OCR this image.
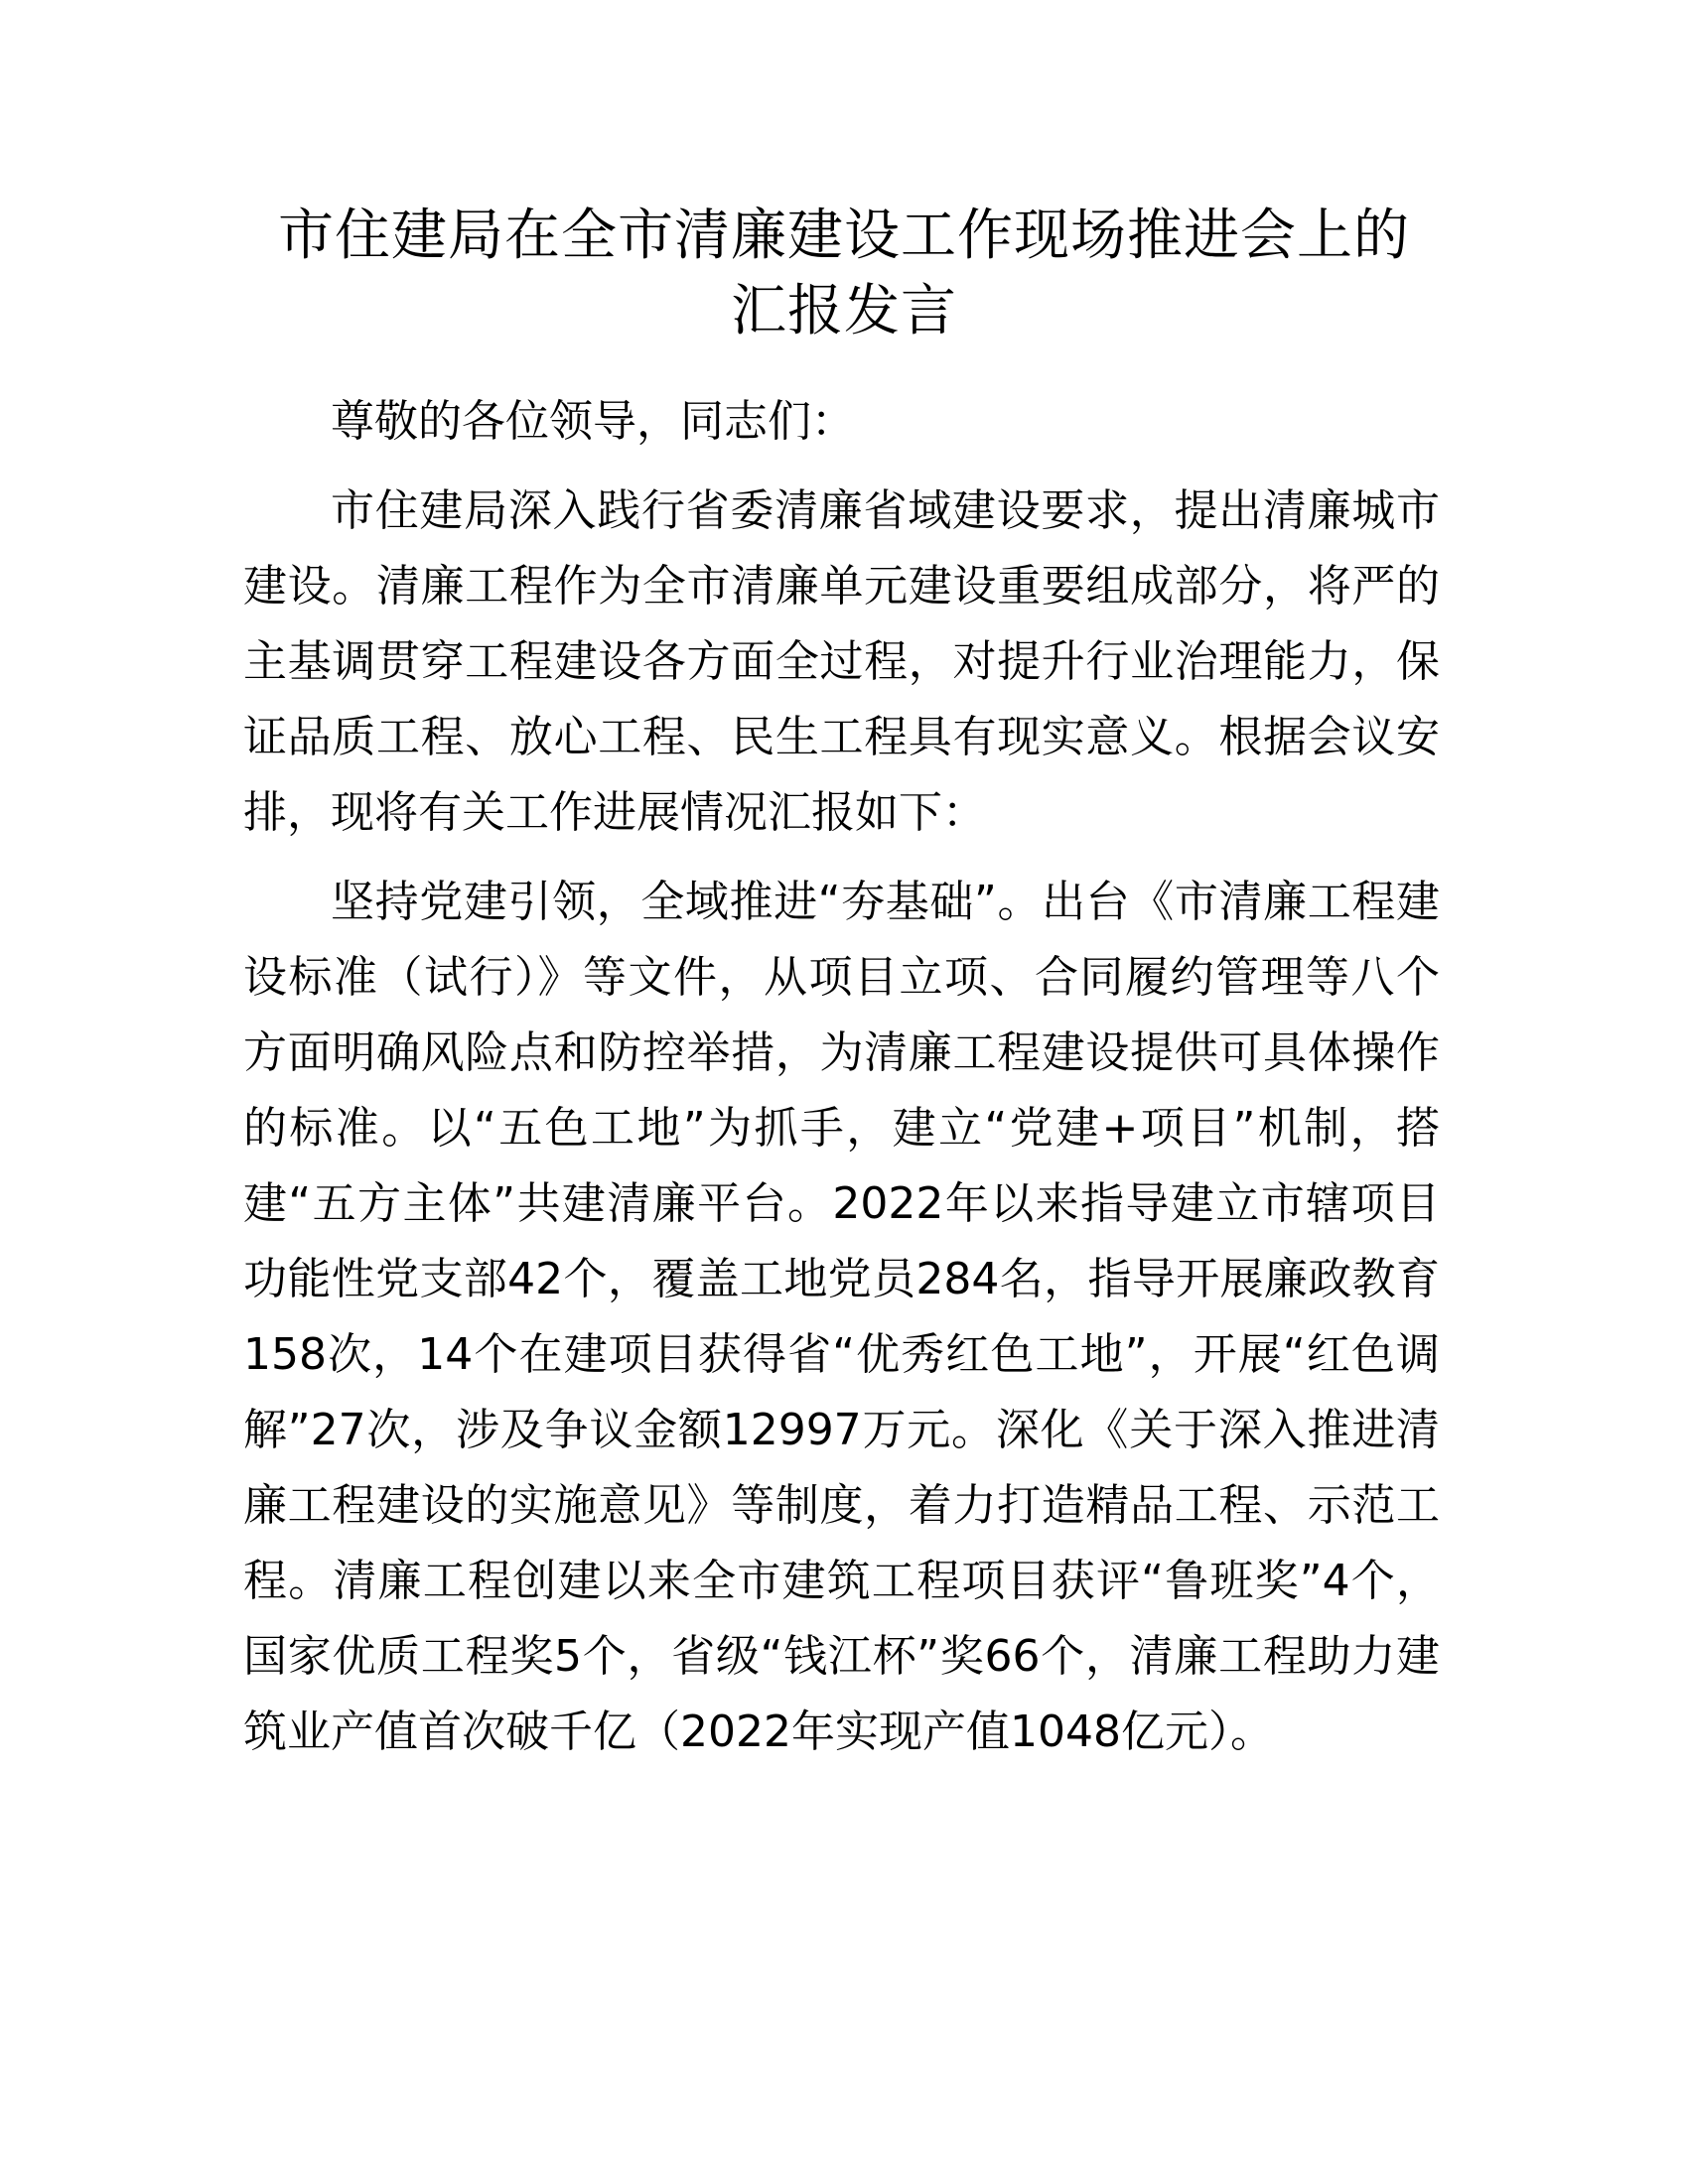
市住建局在全市清廉建设工作现场推进会上的
汇报发言

尊敬的各位领导，同志们：

市住建局深入践行省委清廉省域建设要求，提出清廉城市建设。清廉工程作为全市清廉单元建设重要组成部分，将严的主基调贯穿工程建设各方面全过程，对提升行业治理能力，保证品质工程、放心工程、民生工程具有现实意义。根据会议安排，现将有关工作进展情况汇报如下：

坚持党建引领，全域推进“夯基础”。出台《市清廉工程建设标准（试行）》等文件，从项目立项、合同履约管理等八个方面明确风险点和防控举措，为清廉工程建设提供可具体操作的标准。以“五色工地”为抓手，建立“党建+项目”机制，搭建“五方主体”共建清廉平台。2022年以来指导建立市辖项目功能性党支部42个，覆盖工地党员284名，指导开展廉政教育158次，14个在建项目获得省“优秀红色工地”，开展“红色调解”27次，涉及争议金额12997万元。深化《关于深入推进清廉工程建设的实施意见》等制度，着力打造精品工程、示范工程。清廉工程创建以来全市建筑工程项目获评“鲁班奖”4个，国家优质工程奖5个，省级“钱江杯”奖66个，清廉工程助力建筑业产值首次破千亿（2022年实现产值1048亿元）。
